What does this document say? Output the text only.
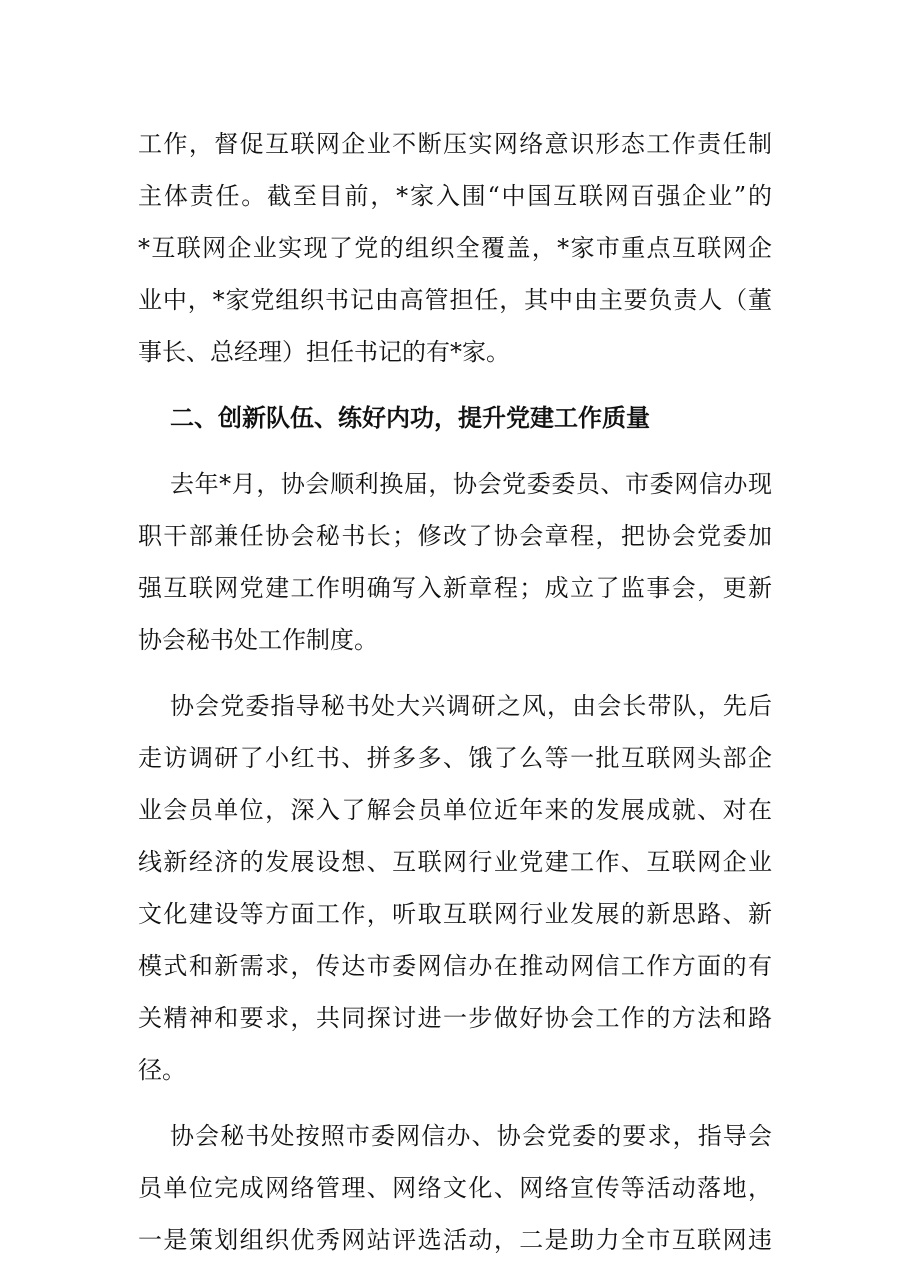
工作，督促互联网企业不断压实网络意识形态工作责任制
主体责任。截至目前，*家入围“中国互联网百强企业”的
*互联网企业实现了党的组织全覆盖，*家市重点互联网企
业中，*家党组织书记由高管担任，其中由主要负责人（董
事长、总经理）担任书记的有*家。
二、创新队伍、练好内功，提升党建工作质量
去年*月，协会顺利换届，协会党委委员、市委网信办现
职干部兼任协会秘书长；修改了协会章程，把协会党委加
强互联网党建工作明确写入新章程；成立了监事会，更新
协会秘书处工作制度。
协会党委指导秘书处大兴调研之风，由会长带队，先后
走访调研了小红书、拼多多、饿了么等一批互联网头部企
业会员单位，深入了解会员单位近年来的发展成就、对在
线新经济的发展设想、互联网行业党建工作、互联网企业
文化建设等方面工作，听取互联网行业发展的新思路、新
模式和新需求，传达市委网信办在推动网信工作方面的有
关精神和要求，共同探讨进一步做好协会工作的方法和路
径。
协会秘书处按照市委网信办、协会党委的要求，指导会
员单位完成网络管理、网络文化、网络宣传等活动落地，
一是策划组织优秀网站评选活动，二是助力全市互联网违
